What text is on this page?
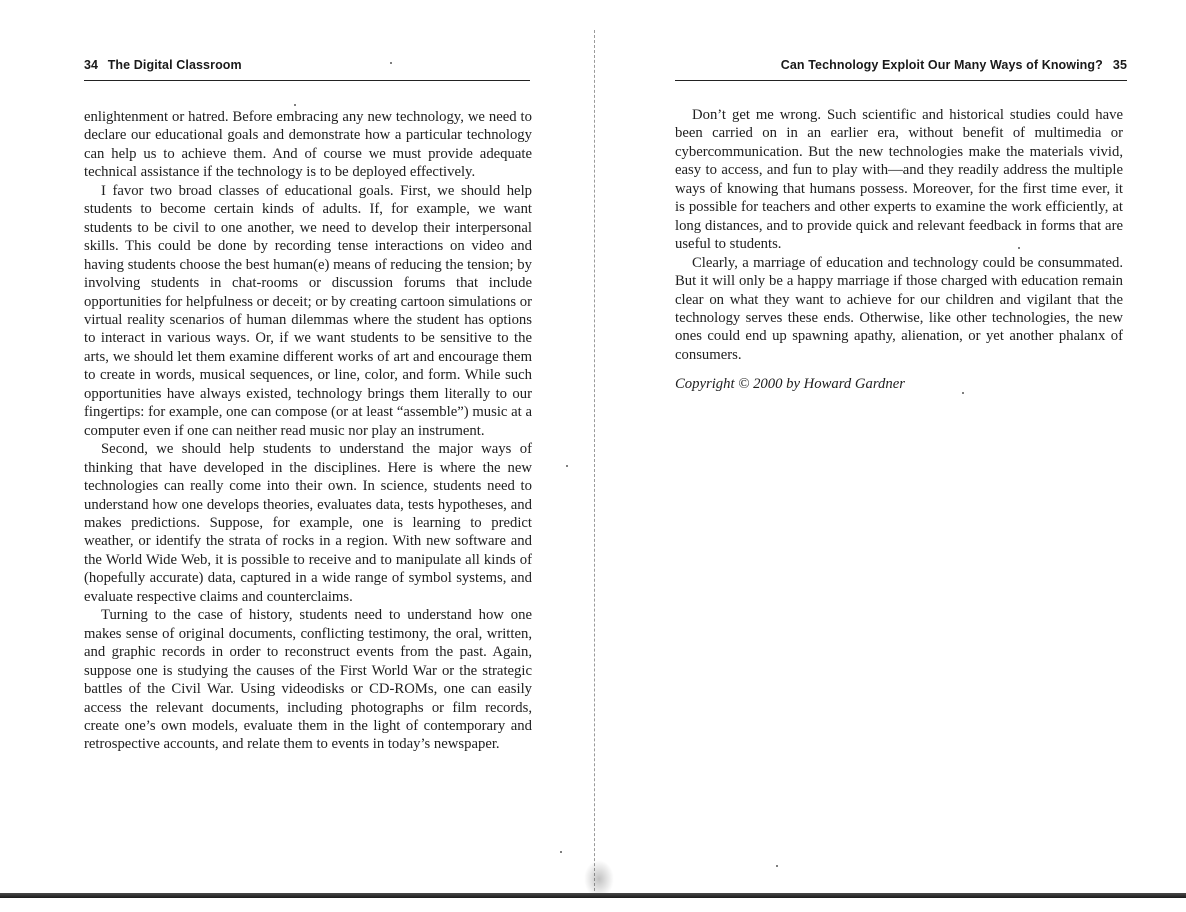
34 The Digital Classroom

enlightenment or hatred. Before embracing any new technology, we need to declare our educational goals and demonstrate how a particular technology can help us to achieve them. And of course we must provide adequate technical assistance if the technology is to be deployed effectively.

I favor two broad classes of educational goals. First, we should help students to become certain kinds of adults. If, for example, we want students to be civil to one another, we need to develop their interpersonal skills. This could be done by recording tense interactions on video and having students choose the best human(e) means of reducing the tension; by involving students in chat-rooms or discussion forums that include opportunities for helpfulness or deceit; or by creating cartoon simulations or virtual reality scenarios of human dilemmas where the student has options to interact in various ways. Or, if we want students to be sensitive to the arts, we should let them examine different works of art and encourage them to create in words, musical sequences, or line, color, and form. While such opportunities have always existed, technology brings them literally to our fingertips: for example, one can compose (or at least “assemble”) music at a computer even if one can neither read music nor play an instrument.

Second, we should help students to understand the major ways of thinking that have developed in the disciplines. Here is where the new technologies can really come into their own. In science, students need to understand how one develops theories, evaluates data, tests hypotheses, and makes predictions. Suppose, for example, one is learning to predict weather, or identify the strata of rocks in a region. With new software and the World Wide Web, it is possible to receive and to manipulate all kinds of (hopefully accurate) data, captured in a wide range of symbol systems, and evaluate respective claims and counterclaims.

Turning to the case of history, students need to understand how one makes sense of original documents, conflicting testimony, the oral, written, and graphic records in order to reconstruct events from the past. Again, suppose one is studying the causes of the First World War or the strategic battles of the Civil War. Using videodisks or CD-ROMs, one can easily access the relevant documents, including photographs or film records, create one’s own models, evaluate them in the light of contemporary and retrospective accounts, and relate them to events in today’s newspaper.

Can Technology Exploit Our Many Ways of Knowing? 35

Don’t get me wrong. Such scientific and historical studies could have been carried on in an earlier era, without benefit of multimedia or cybercommunication. But the new technologies make the materials vivid, easy to access, and fun to play with—and they readily address the multiple ways of knowing that humans possess. Moreover, for the first time ever, it is possible for teachers and other experts to examine the work efficiently, at long distances, and to provide quick and relevant feedback in forms that are useful to students.

Clearly, a marriage of education and technology could be consummated. But it will only be a happy marriage if those charged with education remain clear on what they want to achieve for our children and vigilant that the technology serves these ends. Otherwise, like other technologies, the new ones could end up spawning apathy, alienation, or yet another phalanx of consumers.

Copyright © 2000 by Howard Gardner
